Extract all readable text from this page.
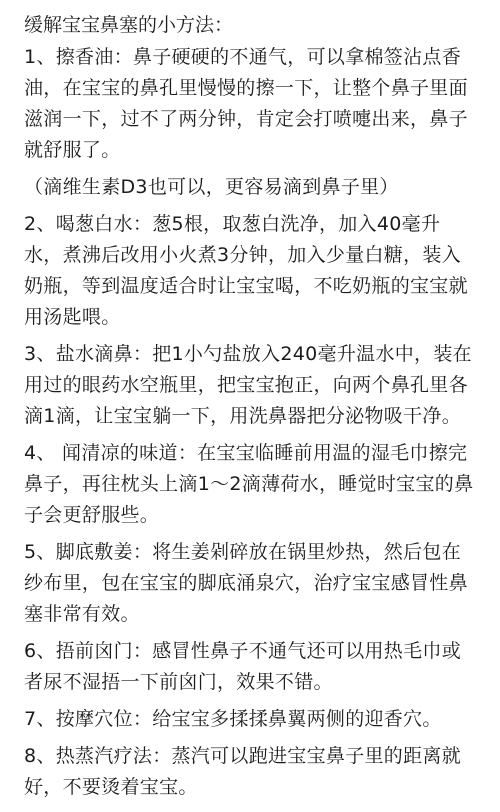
缓解宝宝鼻塞的小方法：
1、擦香油：鼻子硬硬的不通气，可以拿棉签沾点香
油，在宝宝的鼻孔里慢慢的擦一下，让整个鼻子里面
滋润一下，过不了两分钟，肯定会打喷嚏出来，鼻子
就舒服了。
（滴维生素D3也可以，更容易滴到鼻子里）
2、喝葱白水：葱5根，取葱白洗净，加入40毫升
水，煮沸后改用小火煮3分钟，加入少量白糖，装入
奶瓶，等到温度适合时让宝宝喝，不吃奶瓶的宝宝就
用汤匙喂。
3、盐水滴鼻：把1小勺盐放入240毫升温水中，装在
用过的眼药水空瓶里，把宝宝抱正，向两个鼻孔里各
滴1滴，让宝宝躺一下，用洗鼻器把分泌物吸干净。
4、 闻清凉的味道：在宝宝临睡前用温的湿毛巾擦完
鼻子，再往枕头上滴1～2滴薄荷水，睡觉时宝宝的鼻
子会更舒服些。
5、脚底敷姜：将生姜剁碎放在锅里炒热，然后包在
纱布里，包在宝宝的脚底涌泉穴，治疗宝宝感冒性鼻
塞非常有效。
6、捂前囟门：感冒性鼻子不通气还可以用热毛巾或
者尿不湿捂一下前囟门，效果不错。
7、按摩穴位：给宝宝多揉揉鼻翼两侧的迎香穴。
8、热蒸汽疗法：蒸汽可以跑进宝宝鼻子里的距离就
好，不要烫着宝宝。
